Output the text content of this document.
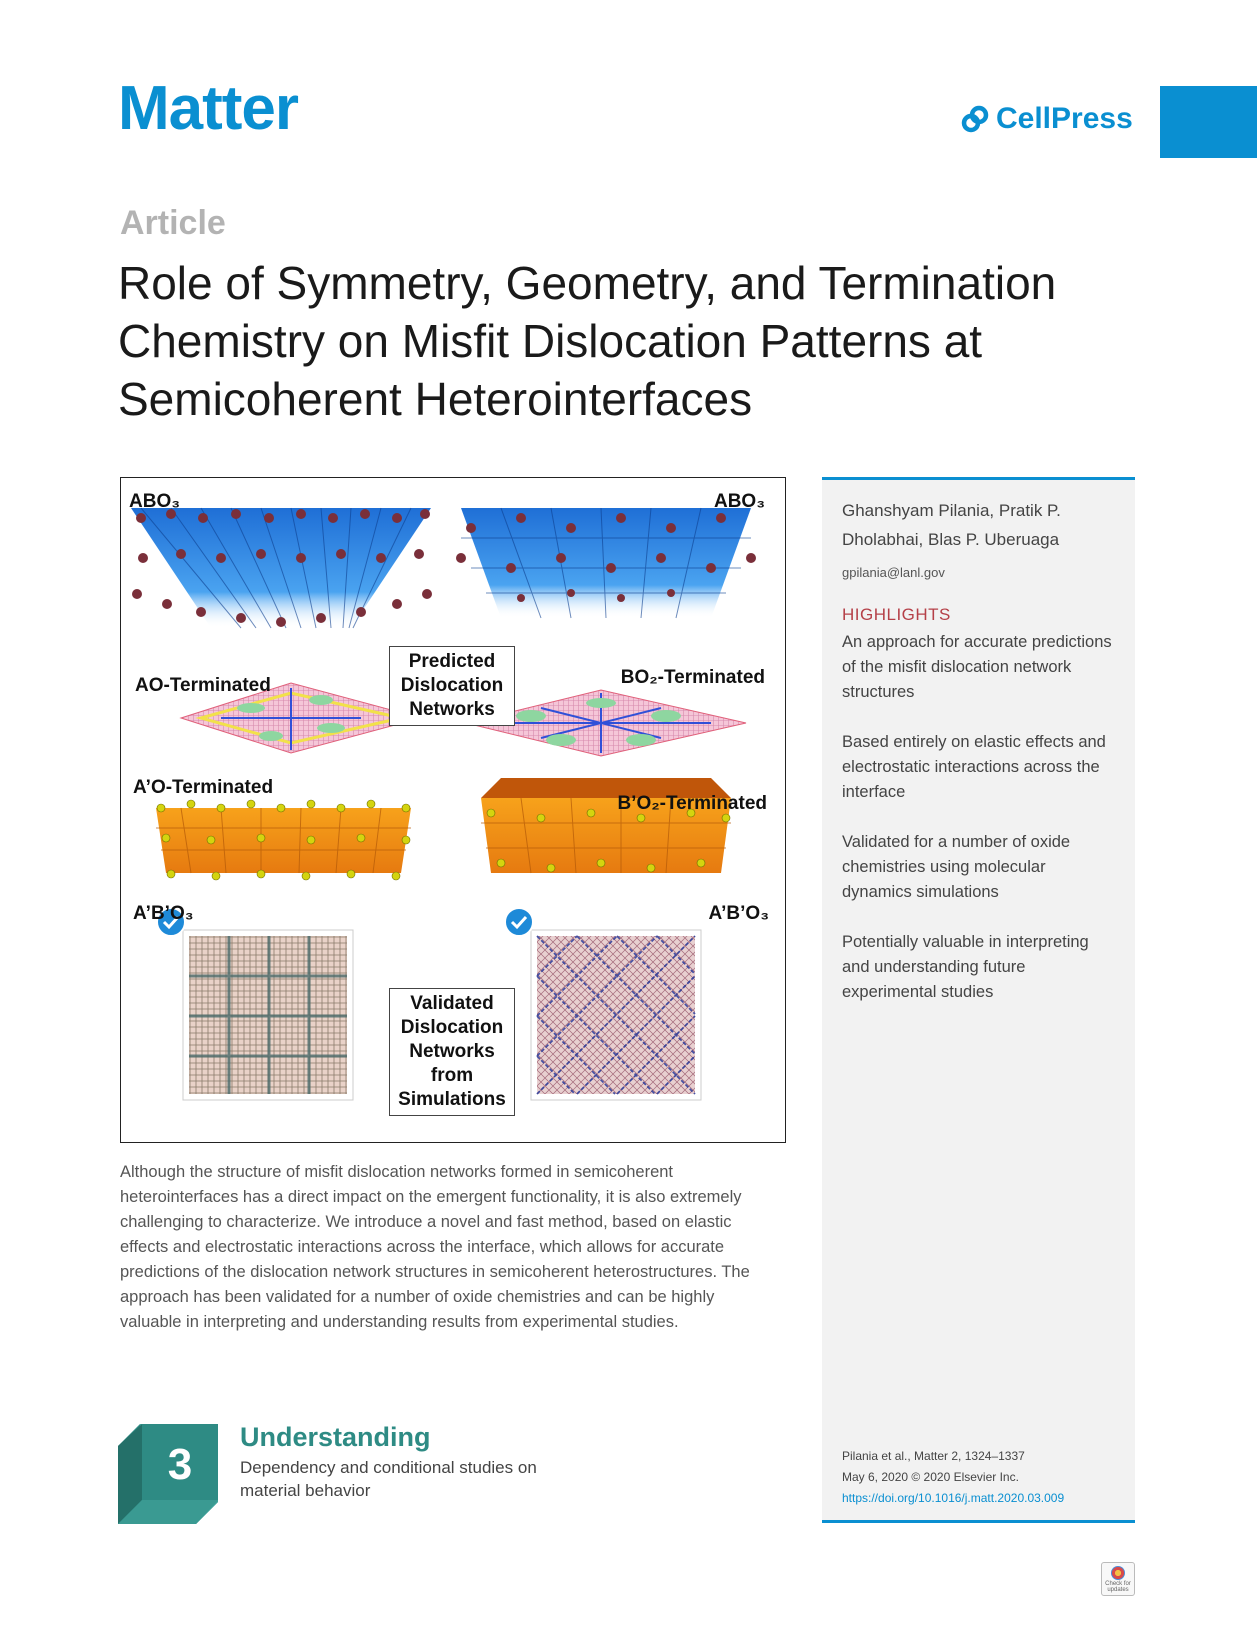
Matter	CellPress
Article
Role of Symmetry, Geometry, and Termination Chemistry on Misfit Dislocation Patterns at Semicoherent Heterointerfaces
ABO₃	ABO₃
AO-Terminated	BO₂-Terminated
Predicted Dislocation Networks
A’O-Terminated
B’O₂-Terminated
A’B’O₃	A’B’O₃
Validated Dislocation Networks from Simulations
Ghanshyam Pilania, Pratik P. Dholabhai, Blas P. Uberuaga
gpilania@lanl.gov
HIGHLIGHTS
An approach for accurate predictions of the misfit dislocation network structures
Based entirely on elastic effects and electrostatic interactions across the interface
Validated for a number of oxide chemistries using molecular dynamics simulations
Potentially valuable in interpreting and understanding future experimental studies
Pilania et al., Matter 2, 1324–1337
May 6, 2020 © 2020 Elsevier Inc.
https://doi.org/10.1016/j.matt.2020.03.009

Although the structure of misfit dislocation networks formed in semicoherent heterointerfaces has a direct impact on the emergent functionality, it is also extremely challenging to characterize. We introduce a novel and fast method, based on elastic effects and electrostatic interactions across the interface, which allows for accurate predictions of the dislocation network structures in semicoherent heterostructures. The approach has been validated for a number of oxide chemistries and can be highly valuable in interpreting and understanding results from experimental studies.

3
Understanding
Dependency and conditional studies on material behavior
Check for updates
